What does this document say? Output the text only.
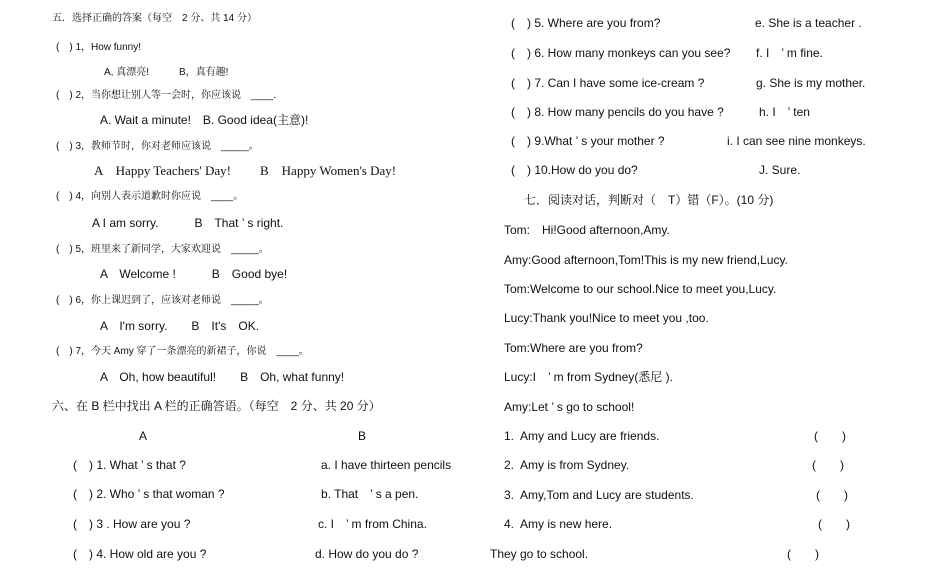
五．选择正确的答案（每空　2 分、共 14 分）
(　) 1，How funny!
A, 真漂亮!　　　B，真有趣!
(　) 2，当你想让别人等一会时，你应该说　____．
A. Wait a minute!　B. Good idea(主意)!
(　) 3，教师节时，你对老师应该说　_____。
A　Happy Teachers' Day! B　Happy Women's Day!
(　) 4，向别人表示道歉时你应说　____。
A I am sorry.　　　B　That ’ s right.
(　) 5，班里来了新同学，大家欢迎说　_____。
A　Welcome !　　　B　Good bye!
(　) 6，你上课迟到了，应该对老师说　_____。
A　I'm sorry.　　B　It's　OK.
(　) 7，今天 Amy 穿了一条漂亮的新裙子，你说　____。
A　Oh, how beautiful!　　B　Oh, what funny!
六、在 B 栏中找出 A 栏的正确答语。（每空　2 分、共 20 分）
A	B
(　) 1. What ’ s that ?	a. I have thirteen pencils
(　) 2. Who ’ s that woman ?	b. That　’ s a pen.
(　) 3 . How are you ?	c. I　’ m from China.
(　) 4. How old are you ?	d. How do you do ?
(　) 5. Where are you from?	e. She is a teacher .
(　) 6. How many monkeys can you see? f. I　’ m fine.
(　) 7. Can I have some ice-cream ?	g. She is my mother.
(　) 8. How many pencils do you have ?	h. I　’ ten
(　) 9.What ’ s your mother ?	i. I can see nine monkeys.
(　) 10.How do you do?	J. Sure.
七．阅读对话，判断对（　T）错（F）。(10 分)
Tom:　Hi!Good afternoon,Amy.
Amy:Good afternoon,Tom!This is my new friend,Lucy.
Tom:Welcome to our school.Nice to meet you,Lucy.
Lucy:Thank you!Nice to meet you ,too.
Tom:Where are you from?
Lucy:I　’ m from Sydney(悉尼 ).
Amy:Let ’ s go to school!
1.  Amy and Lucy are friends.	(　　)
2.  Amy is from Sydney.	(　　)
3.  Amy,Tom and Lucy are students.	(　　)
4.  Amy is new here.	(　　)
They go to school.	(　　)
